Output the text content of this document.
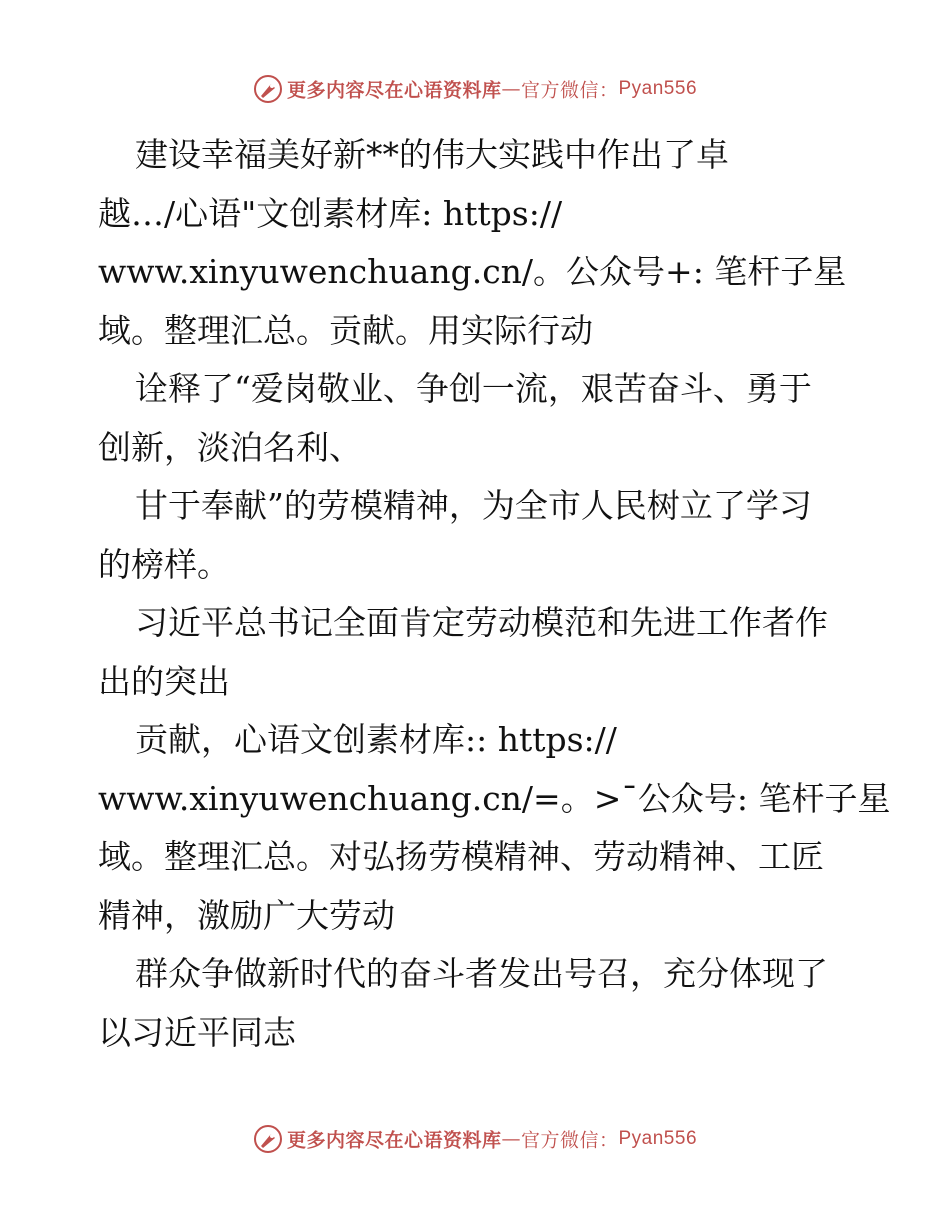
更多内容尽在心语资料库—官方微信：Pyan556
建设幸福美好新**的伟大实践中作出了卓
越…/心语"文创素材库: https://
www.xinyuwenchuang.cn/。公众号+: 笔杆子星
域。整理汇总。贡献。用实际行动
诠释了“爱岗敬业、争创一流，艰苦奋斗、勇于
创新，淡泊名利、
甘于奉献”的劳模精神，为全市人民树立了学习
的榜样。
习近平总书记全面肯定劳动模范和先进工作者作
出的突出
贡献，心语文创素材库:: https://
www.xinyuwenchuang.cn/=。>¯公众号: 笔杆子星
域。整理汇总。对弘扬劳模精神、劳动精神、工匠
精神，激励广大劳动
群众争做新时代的奋斗者发出号召，充分体现了
以习近平同志
更多内容尽在心语资料库—官方微信：Pyan556
